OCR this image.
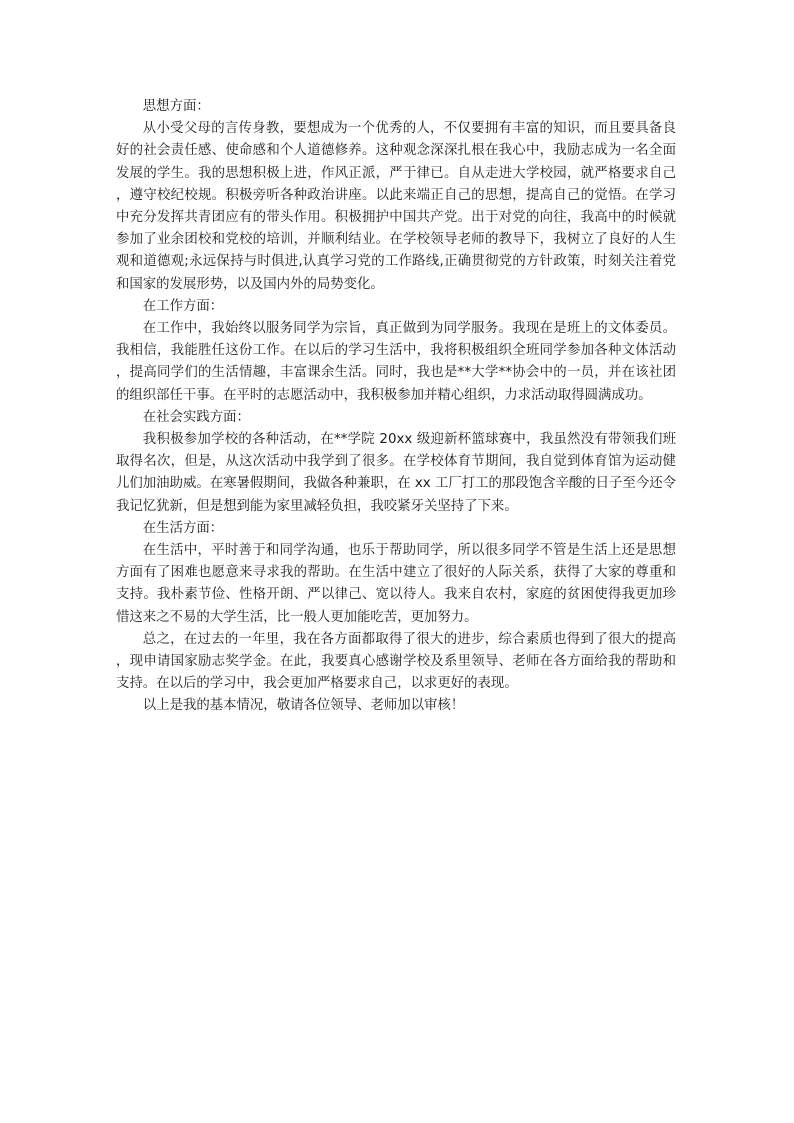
思想方面：

从小受父母的言传身教，要想成为一个优秀的人，不仅要拥有丰富的知识，而且要具备良好的社会责任感、使命感和个人道德修养。这种观念深深扎根在我心中，我励志成为一名全面发展的学生。我的思想积极上进，作风正派，严于律已。自从走进大学校园，就严格要求自己，遵守校纪校规。积极旁听各种政治讲座。以此来端正自己的思想，提高自己的觉悟。在学习中充分发挥共青团应有的带头作用。积极拥护中国共产党。出于对党的向往，我高中的时候就参加了业余团校和党校的培训，并顺利结业。在学校领导老师的教导下，我树立了良好的人生观和道德观;永远保持与时俱进,认真学习党的工作路线,正确贯彻党的方针政策，时刻关注着党和国家的发展形势，以及国内外的局势变化。

在工作方面：

在工作中，我始终以服务同学为宗旨，真正做到为同学服务。我现在是班上的文体委员。我相信，我能胜任这份工作。在以后的学习生活中，我将积极组织全班同学参加各种文体活动，提高同学们的生活情趣，丰富课余生活。同时，我也是**大学**协会中的一员，并在该社团的组织部任干事。在平时的志愿活动中，我积极参加并精心组织，力求活动取得圆满成功。

在社会实践方面：

我积极参加学校的各种活动，在**学院 20xx 级迎新杯篮球赛中，我虽然没有带领我们班取得名次，但是，从这次活动中我学到了很多。在学校体育节期间，我自觉到体育馆为运动健儿们加油助威。在寒暑假期间，我做各种兼职，在 xx 工厂打工的那段饱含辛酸的日子至今还令我记忆犹新，但是想到能为家里减轻负担，我咬紧牙关坚持了下来。

在生活方面：

在生活中，平时善于和同学沟通，也乐于帮助同学，所以很多同学不管是生活上还是思想方面有了困难也愿意来寻求我的帮助。在生活中建立了很好的人际关系，获得了大家的尊重和支持。我朴素节俭、性格开朗、严以律己、宽以待人。我来自农村，家庭的贫困使得我更加珍惜这来之不易的大学生活，比一般人更加能吃苦，更加努力。

总之，在过去的一年里，我在各方面都取得了很大的进步，综合素质也得到了很大的提高，现申请国家励志奖学金。在此，我要真心感谢学校及系里领导、老师在各方面给我的帮助和支持。在以后的学习中，我会更加严格要求自己，以求更好的表现。

以上是我的基本情况，敬请各位领导、老师加以审核！
